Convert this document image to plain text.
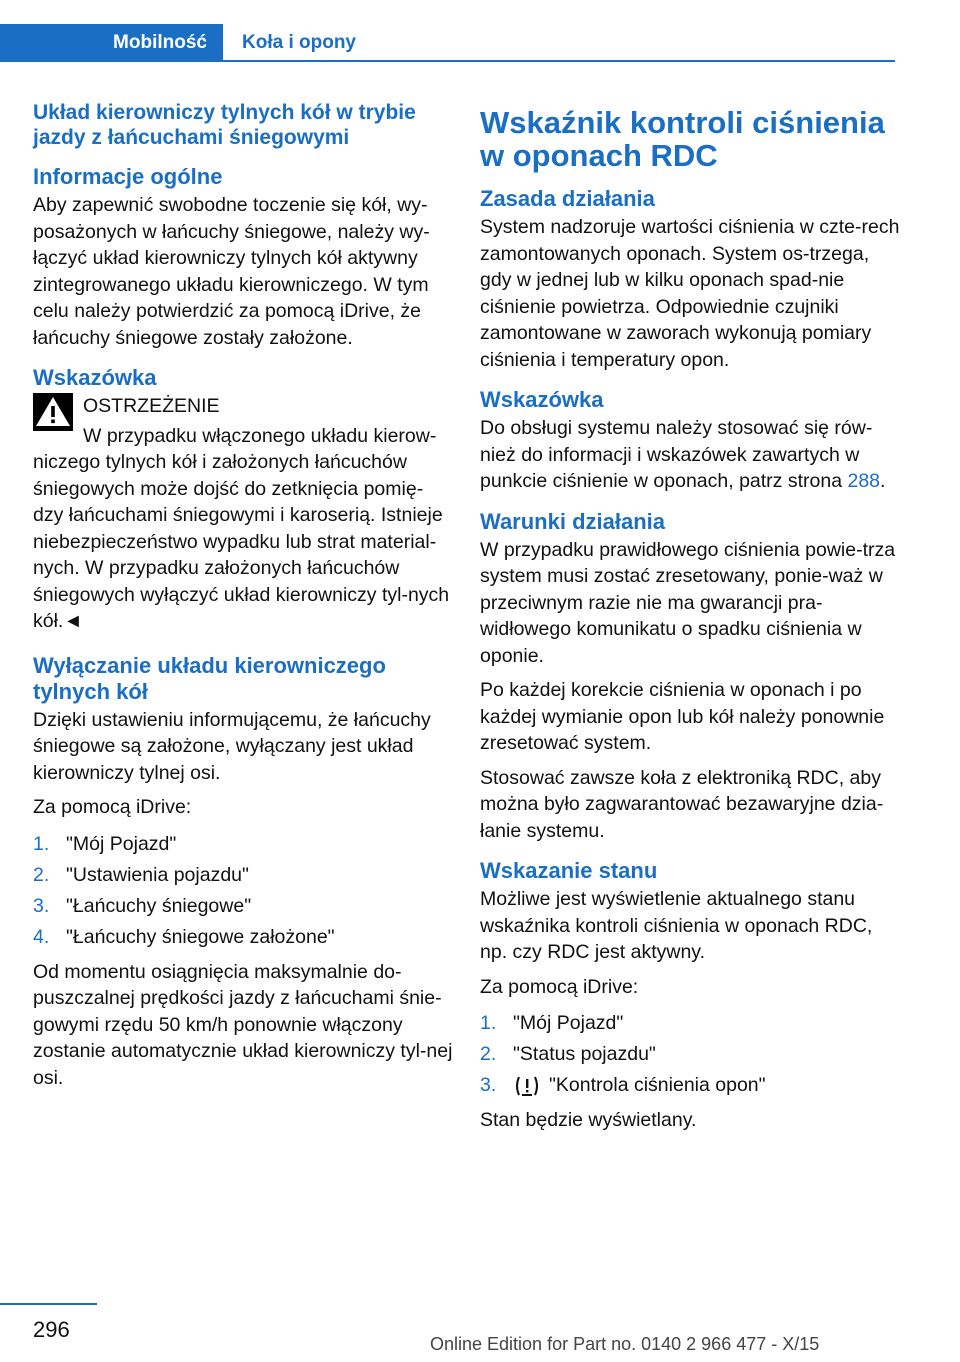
Mobilność	Koła i opony
Układ kierowniczy tylnych kół w trybie jazdy z łańcuchami śniegowymi
Informacje ogólne

Aby zapewnić swobodne toczenie się kół, wy-posażonych w łańcuchy śniegowe, należy wy-łączyć układ kierowniczy tylnych kół aktywny zintegrowanego układu kierowniczego. W tym celu należy potwierdzić za pomocą iDrive, że łańcuchy śniegowe zostały założone.

Wskazówka
OSTRZEŻENIE
W przypadku włączonego układu kierow-

niczego tylnych kół i założonych łańcuchów śniegowych może dojść do zetknięcia pomię-dzy łańcuchami śniegowymi i karoserią. Istnieje niebezpieczeństwo wypadku lub strat material-nych. W przypadku założonych łańcuchów śniegowych wyłączyć układ kierowniczy tyl-nych kół.◄

Wyłączanie układu kierowniczego tylnych kół

Dzięki ustawieniu informującemu, że łańcuchy śniegowe są założone, wyłączany jest układ kierowniczy tylnej osi.

Za pomocą iDrive:

1. "Mój Pojazd"
2. "Ustawienia pojazdu"
3. "Łańcuchy śniegowe"
4. "Łańcuchy śniegowe założone"

Od momentu osiągnięcia maksymalnie do-puszczalnej prędkości jazdy z łańcuchami śnie-gowymi rzędu 50 km/h ponownie włączony zostanie automatycznie układ kierowniczy tyl-nej osi.

Wskaźnik kontroli ciśnienia w oponach RDC
Zasada działania

System nadzoruje wartości ciśnienia w czte-rech zamontowanych oponach. System os-trzega, gdy w jednej lub w kilku oponach spad-nie ciśnienie powietrza. Odpowiednie czujniki zamontowane w zaworach wykonują pomiary ciśnienia i temperatury opon.

Wskazówka

Do obsługi systemu należy stosować się rów-nież do informacji i wskazówek zawartych w punkcie ciśnienie w oponach, patrz strona 288.

Warunki działania

W przypadku prawidłowego ciśnienia powie-trza system musi zostać zresetowany, ponie-waż w przeciwnym razie nie ma gwarancji pra-widłowego komunikatu o spadku ciśnienia w oponie.

Po każdej korekcie ciśnienia w oponach i po każdej wymianie opon lub kół należy ponownie zresetować system.

Stosować zawsze koła z elektroniką RDC, aby można było zagwarantować bezawaryjne dzia-łanie systemu.

Wskazanie stanu

Możliwe jest wyświetlenie aktualnego stanu wskaźnika kontroli ciśnienia w oponach RDC, np. czy RDC jest aktywny.

Za pomocą iDrive:

1. "Mój Pojazd"
2. "Status pojazdu"
3.	"Kontrola ciśnienia opon"

Stan będzie wyświetlany.

296
Online Edition for Part no. 0140 2 966 477 - X/15
